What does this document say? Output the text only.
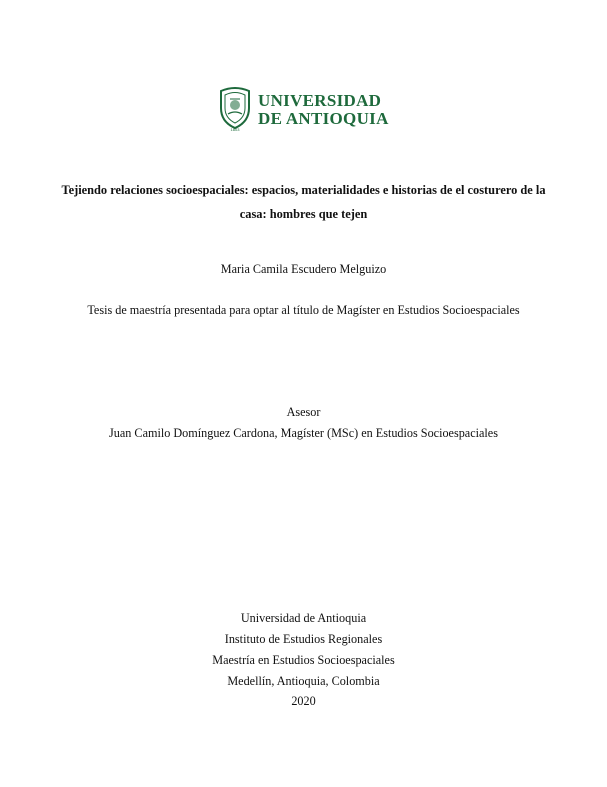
1803
UNIVERSIDAD
DE ANTIOQUIA
Tejiendo relaciones socioespaciales: espacios, materialidades e historias de el costurero de la casa: hombres que tejen
Maria Camila Escudero Melguizo
Tesis de maestría presentada para optar al título de Magíster en Estudios Socioespaciales
Asesor
Juan Camilo Domínguez Cardona, Magíster (MSc) en Estudios Socioespaciales
Universidad de Antioquia
Instituto de Estudios Regionales
Maestría en Estudios Socioespaciales
Medellín, Antioquia, Colombia
2020
